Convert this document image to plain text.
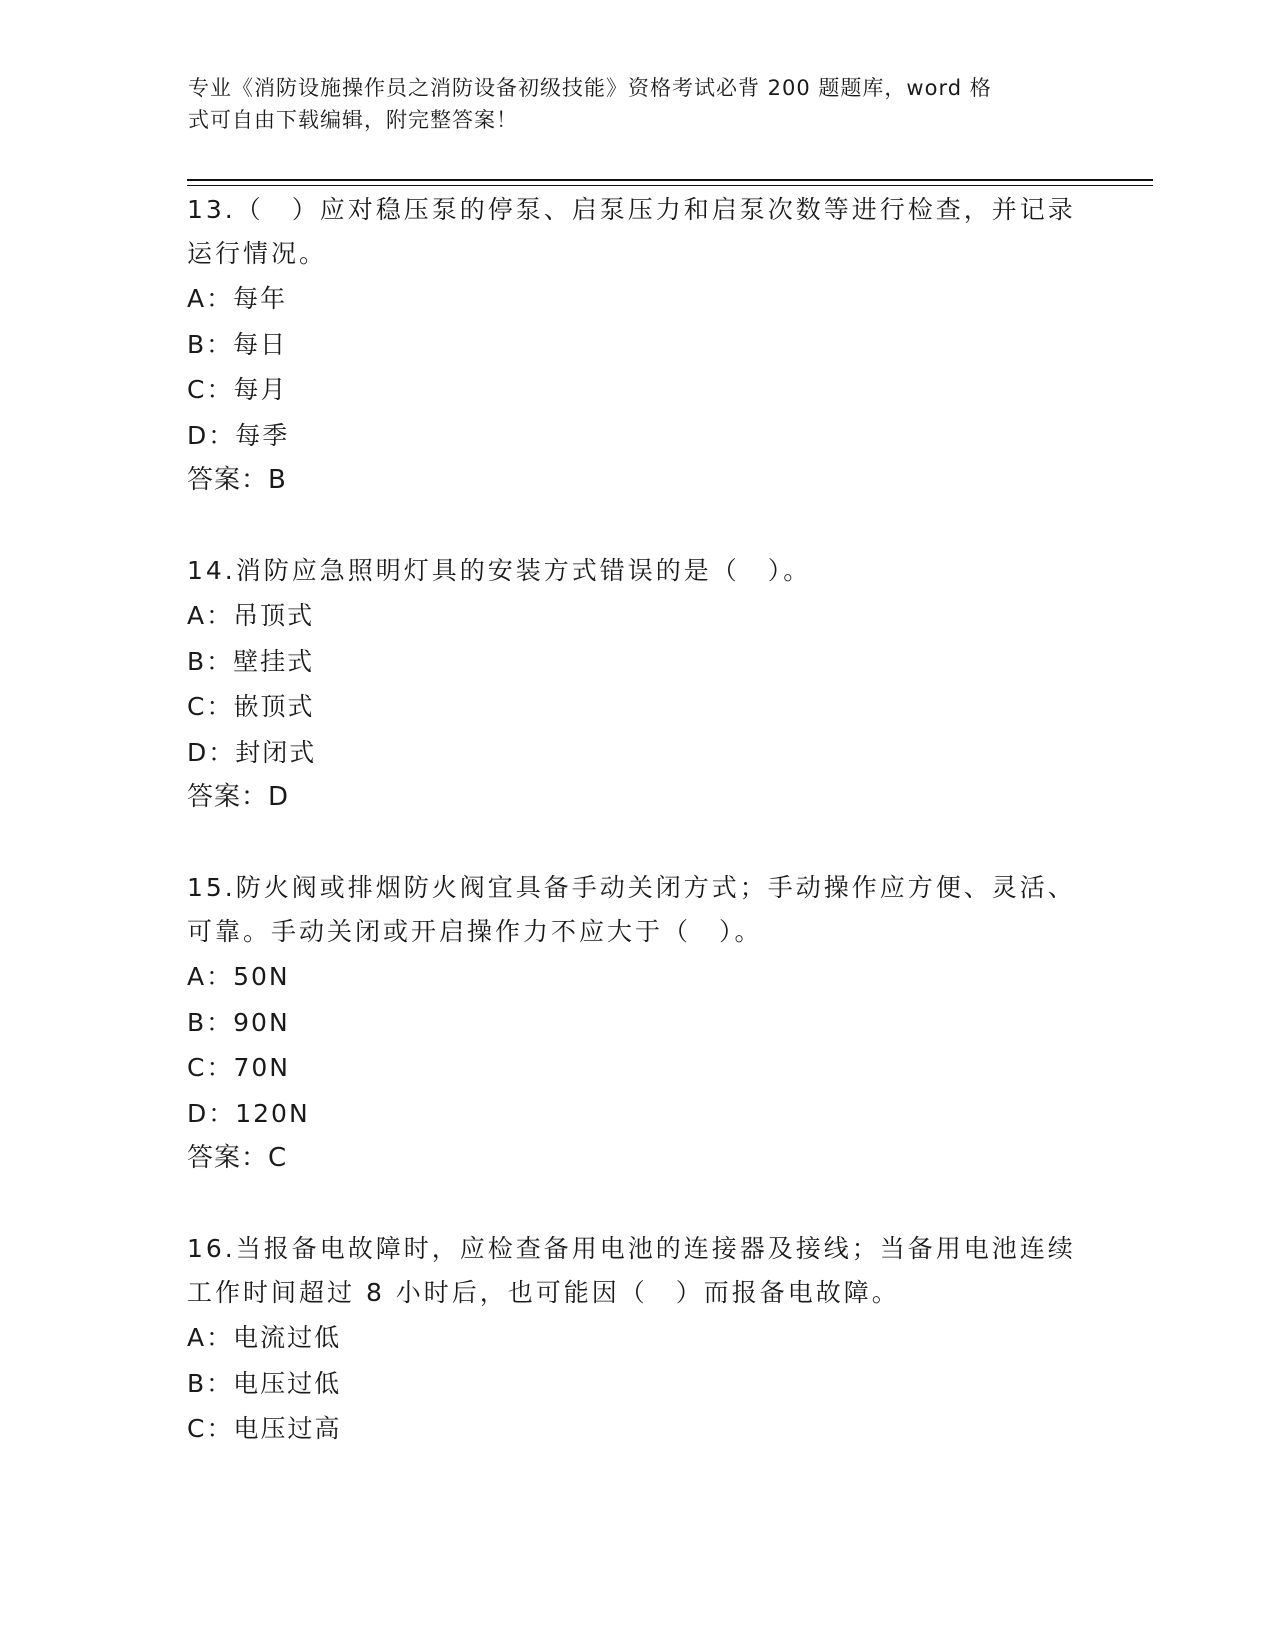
专业《消防设施操作员之消防设备初级技能》资格考试必背 200 题题库，word 格
式可自由下载编辑，附完整答案！
13.（　）应对稳压泵的停泵、启泵压力和启泵次数等进行检查，并记录运行情况。
A：每年
B：每日
C：每月
D：每季
答案：B
14.消防应急照明灯具的安装方式错误的是（　）。
A：吊顶式
B：壁挂式
C：嵌顶式
D：封闭式
答案：D
15.防火阀或排烟防火阀宜具备手动关闭方式；手动操作应方便、灵活、可靠。手动关闭或开启操作力不应大于（　）。
A：50N
B：90N
C：70N
D：120N
答案：C
16.当报备电故障时，应检查备用电池的连接器及接线；当备用电池连续工作时间超过 8 小时后，也可能因（　）而报备电故障。
A：电流过低
B：电压过低
C：电压过高
